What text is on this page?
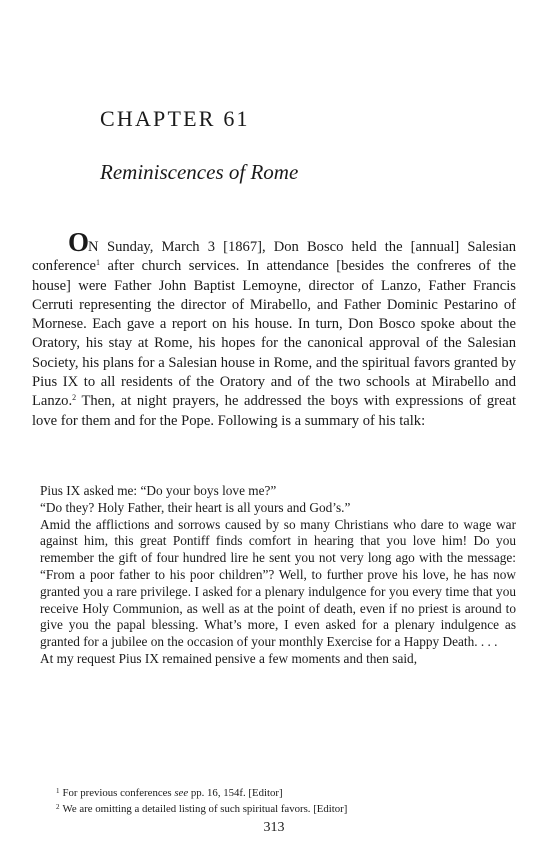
CHAPTER 61
Reminiscences of Rome

ON Sunday, March 3 [1867], Don Bosco held the [annual] Salesian conference$^1$ after church services. In attendance [besides the confreres of the house] were Father John Baptist Lemoyne, director of Lanzo, Father Francis Cerruti representing the director of Mirabello, and Father Dominic Pestarino of Mornese. Each gave a report on his house. In turn, Don Bosco spoke about the Oratory, his stay at Rome, his hopes for the canonical approval of the Salesian Society, his plans for a Salesian house in Rome, and the spiritual favors granted by Pius IX to all residents of the Oratory and of the two schools at Mirabello and Lanzo.$^2$ Then, at night prayers, he addressed the boys with expressions of great love for them and for the Pope. Following is a summary of his talk:

Pius IX asked me: “Do your boys love me?”

“Do they? Holy Father, their heart is all yours and God’s.”

Amid the afflictions and sorrows caused by so many Christians who dare to wage war against him, this great Pontiff finds comfort in hearing that you love him! Do you remember the gift of four hundred lire he sent you not very long ago with the message: “From a poor father to his poor children”? Well, to further prove his love, he has now granted you a rare privilege. I asked for a plenary indulgence for you every time that you receive Holy Communion, as well as at the point of death, even if no priest is around to give you the papal blessing. What’s more, I even asked for a plenary indulgence as granted for a jubilee on the occasion of your monthly Exercise for a Happy Death. . . .

At my request Pius IX remained pensive a few moments and then said,

$^1$ For previous conferences see pp. 16, 154f. [Editor]

$^2$ We are omitting a detailed listing of such spiritual favors. [Editor]

313
